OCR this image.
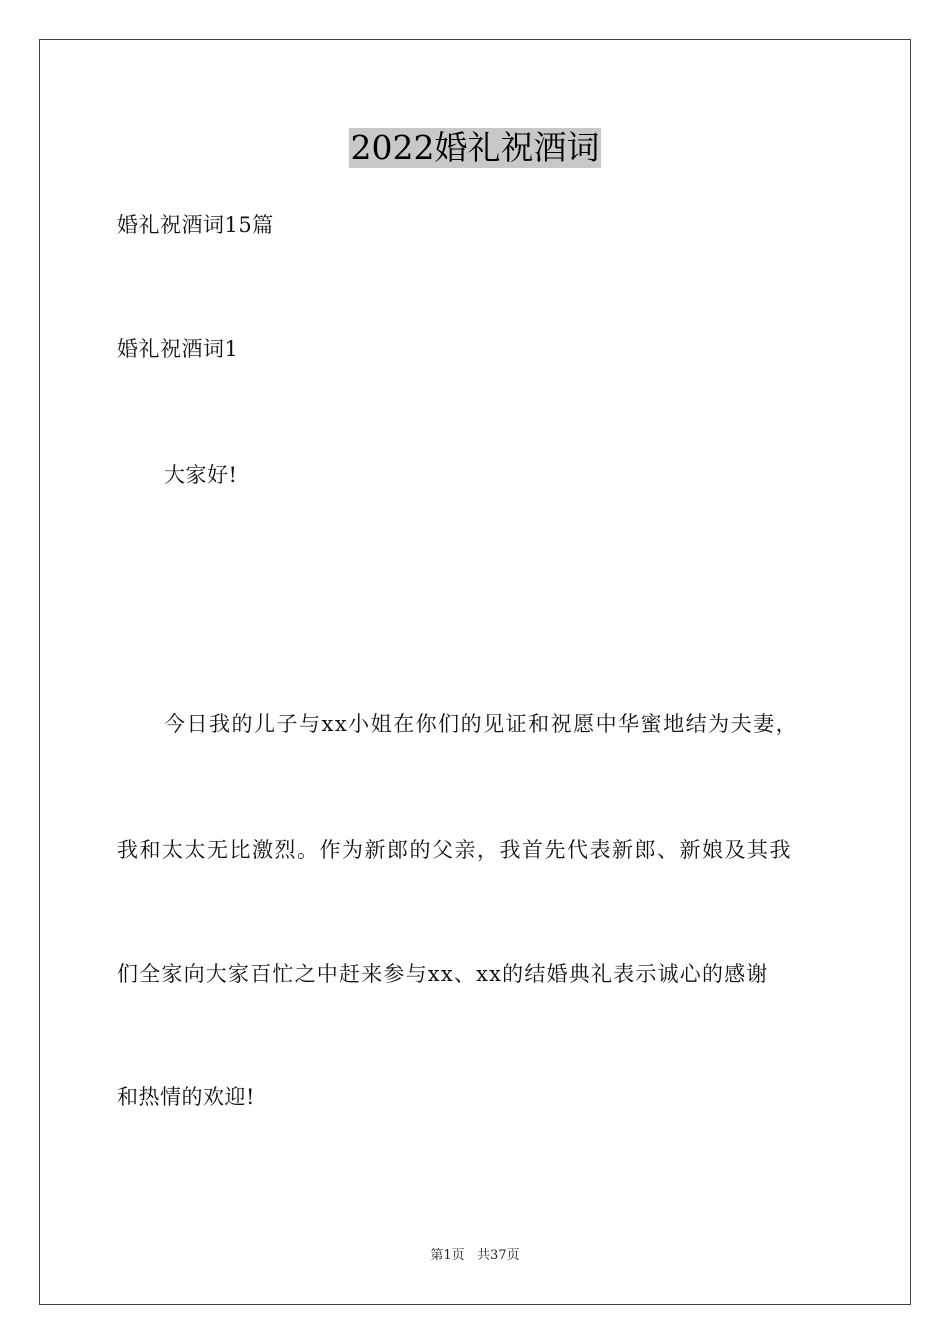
2022婚礼祝酒词
婚礼祝酒词15篇
婚礼祝酒词1
大家好!
今日我的儿子与xx小姐在你们的见证和祝愿中华蜜地结为夫妻，
我和太太无比激烈。作为新郎的父亲，我首先代表新郎、新娘及其我
们全家向大家百忙之中赶来参与xx、xx的结婚典礼表示诚心的感谢
和热情的欢迎!
第1页   共37页
